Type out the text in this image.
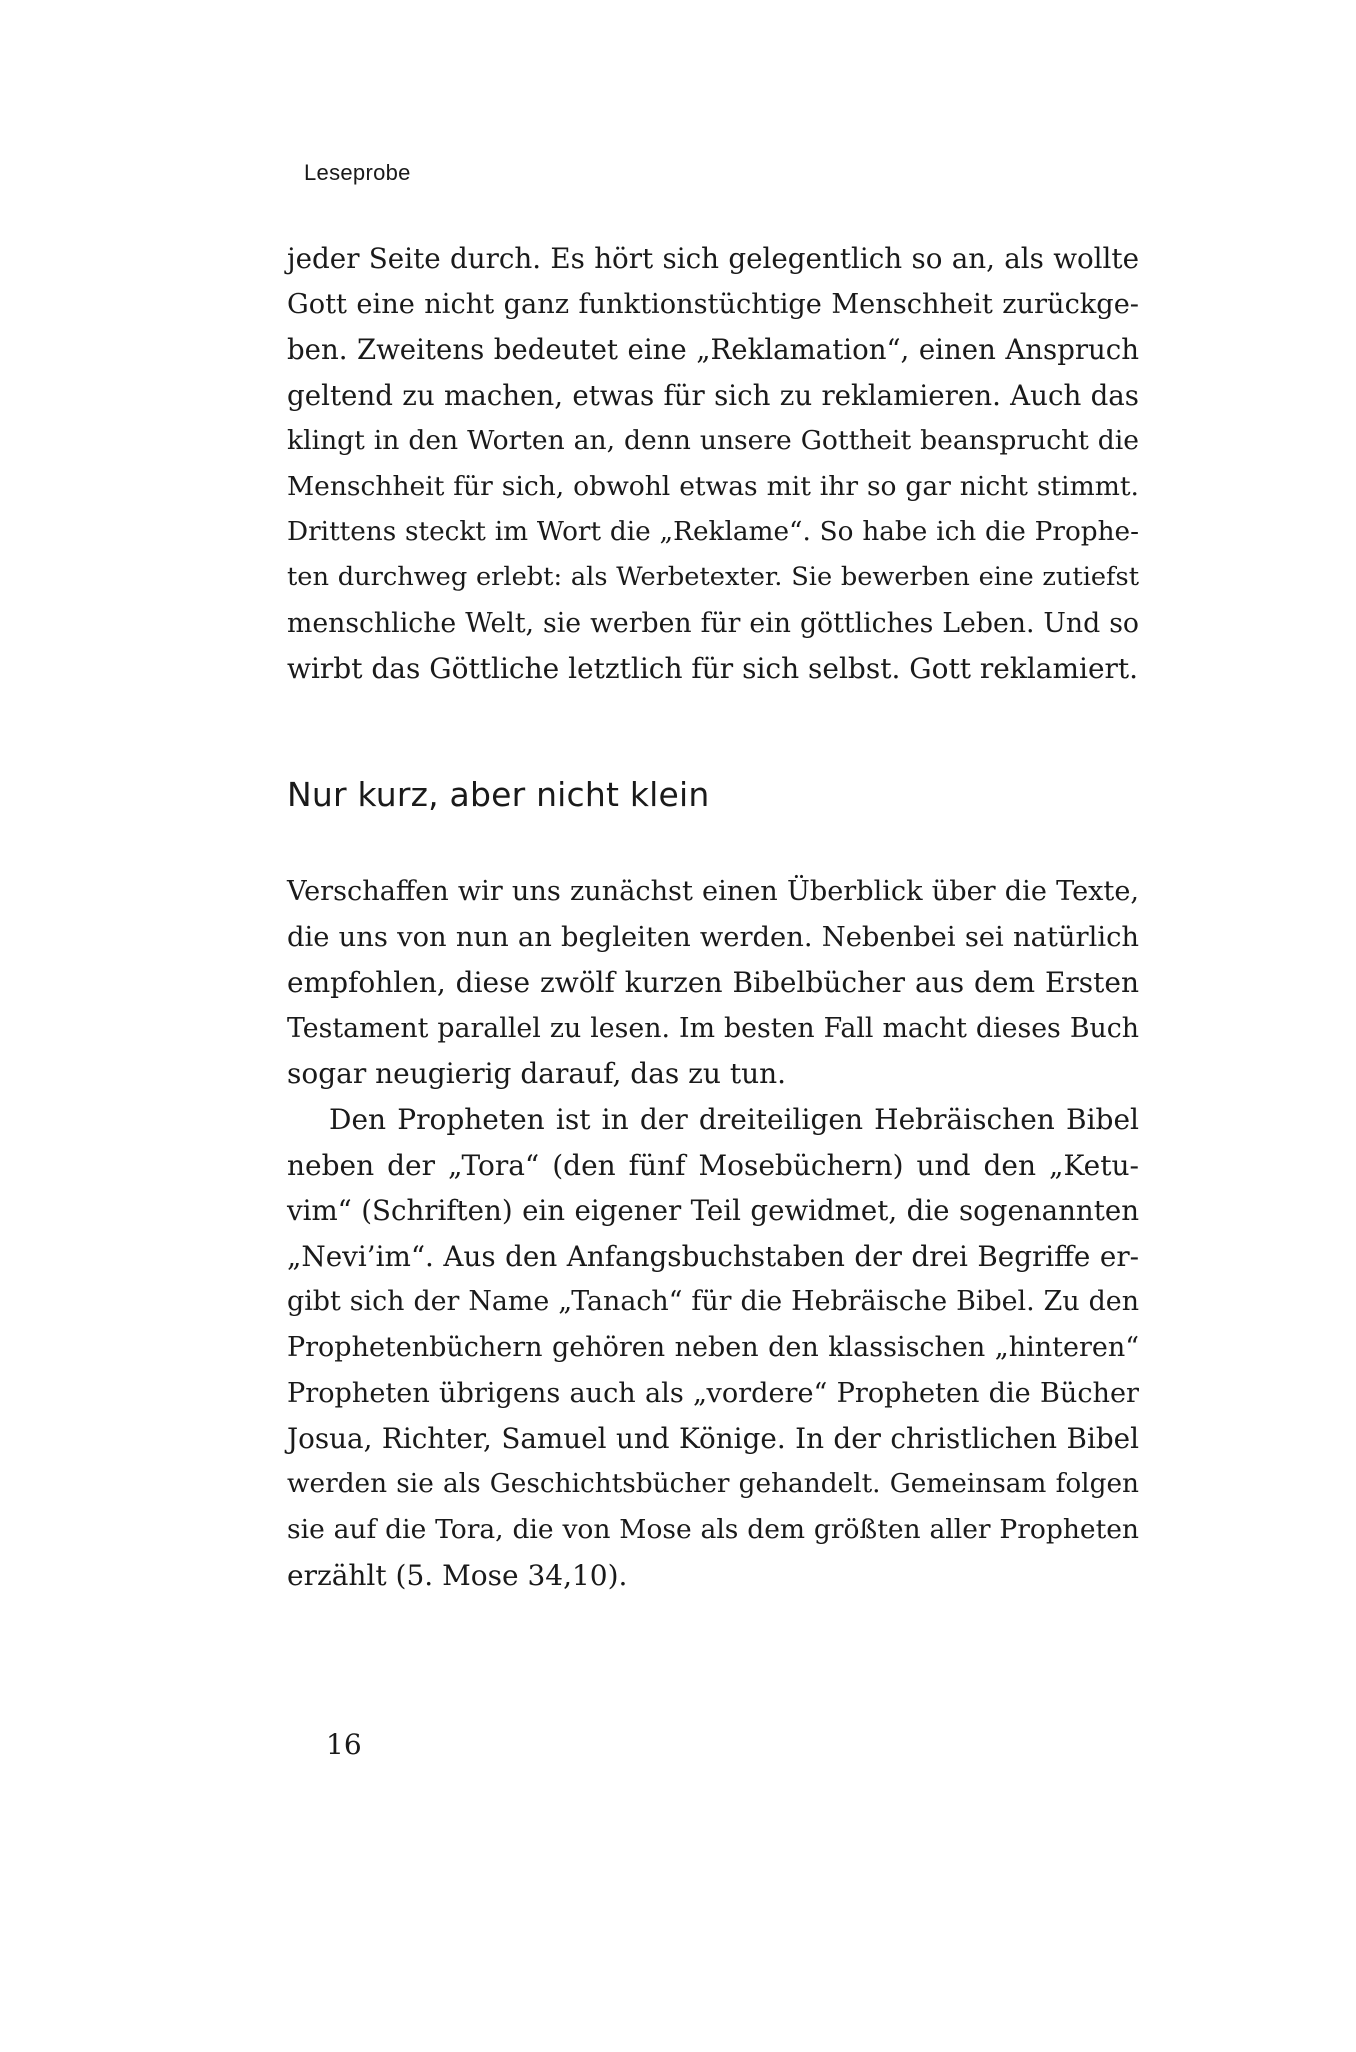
Leseprobe
jeder Seite durch. Es hört sich gelegentlich so an, als wollte
Gott eine nicht ganz funktionstüchtige Menschheit zurückge-
ben. Zweitens bedeutet eine „Reklamation“, einen Anspruch
geltend zu machen, etwas für sich zu reklamieren. Auch das
klingt in den Worten an, denn unsere Gottheit beansprucht die
Menschheit für sich, obwohl etwas mit ihr so gar nicht stimmt.
Drittens steckt im Wort die „Reklame“. So habe ich die Prophe-
ten durchweg erlebt: als Werbetexter. Sie bewerben eine zutiefst
menschliche Welt, sie werben für ein göttliches Leben. Und so
wirbt das Göttliche letztlich für sich selbst. Gott reklamiert.
Nur kurz, aber nicht klein
Verschaffen wir uns zunächst einen Überblick über die Texte,
die uns von nun an begleiten werden. Nebenbei sei natürlich
empfohlen, diese zwölf kurzen Bibelbücher aus dem Ersten
Testament parallel zu lesen. Im besten Fall macht dieses Buch
sogar neugierig darauf, das zu tun.
Den Propheten ist in der dreiteiligen Hebräischen Bibel
neben der „Tora“ (den fünf Mosebüchern) und den „Ketu-
vim“ (Schriften) ein eigener Teil gewidmet, die sogenannten
„Nevi’im“. Aus den Anfangsbuchstaben der drei Begriffe er-
gibt sich der Name „Tanach“ für die Hebräische Bibel. Zu den
Prophetenbüchern gehören neben den klassischen „hinteren“
Propheten übrigens auch als „vordere“ Propheten die Bücher
Josua, Richter, Samuel und Könige. In der christlichen Bibel
werden sie als Geschichtsbücher gehandelt. Gemeinsam folgen
sie auf die Tora, die von Mose als dem größten aller Propheten
erzählt (5. Mose 34,10).
16
